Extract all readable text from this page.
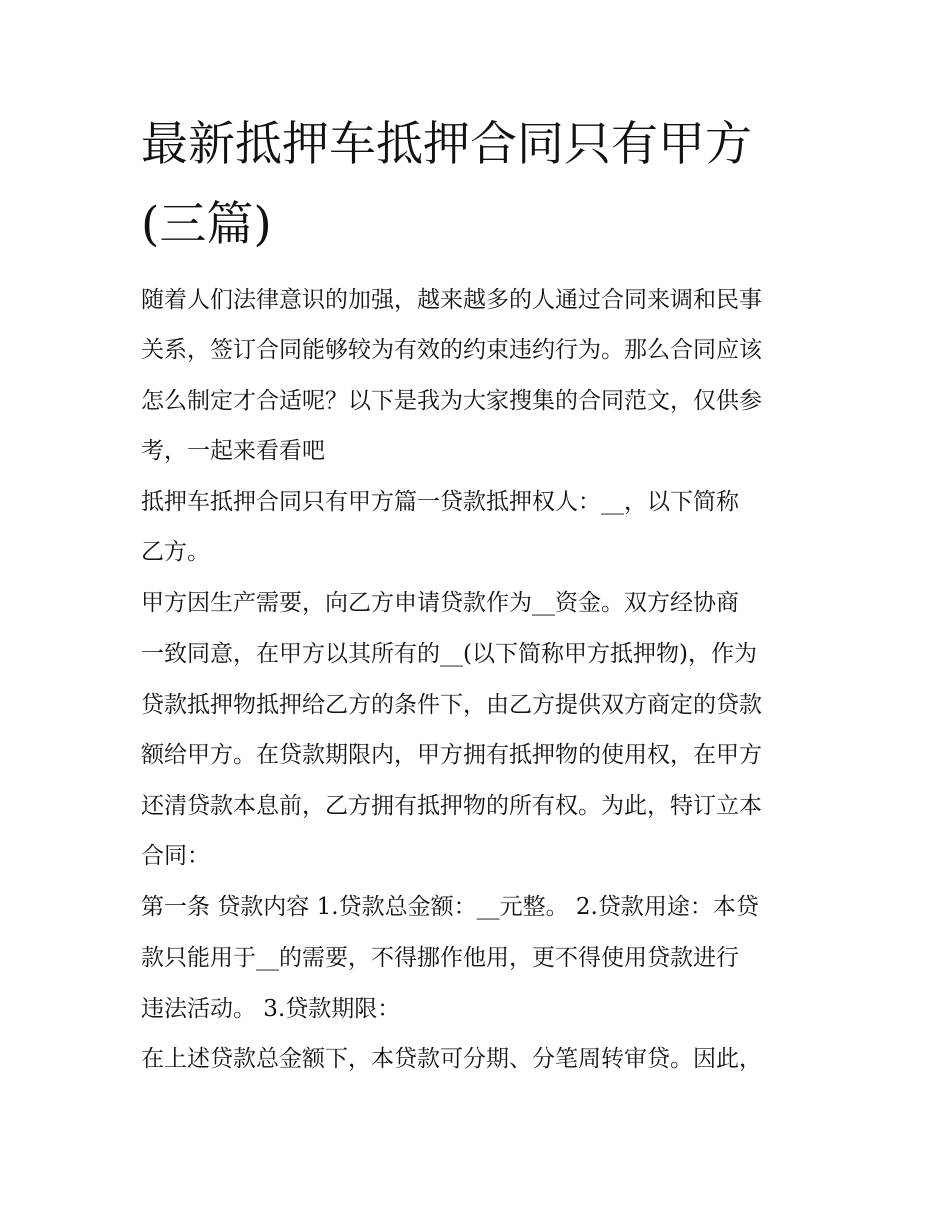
最新抵押车抵押合同只有甲方
(三篇)

随着人们法律意识的加强，越来越多的人通过合同来调和民事

关系，签订合同能够较为有效的约束违约行为。那么合同应该

怎么制定才合适呢？以下是我为大家搜集的合同范文，仅供参

考，一起来看看吧

抵押车抵押合同只有甲方篇一贷款抵押权人：__，以下简称

乙方。

甲方因生产需要，向乙方申请贷款作为__资金。双方经协商

一致同意，在甲方以其所有的__(以下简称甲方抵押物)，作为

贷款抵押物抵押给乙方的条件下，由乙方提供双方商定的贷款

额给甲方。在贷款期限内，甲方拥有抵押物的使用权，在甲方

还清贷款本息前，乙方拥有抵押物的所有权。为此，特订立本

合同：

第一条 贷款内容 1.贷款总金额：__元整。 2.贷款用途：本贷

款只能用于__的需要，不得挪作他用，更不得使用贷款进行

违法活动。 3.贷款期限：

在上述贷款总金额下，本贷款可分期、分笔周转审贷。因此，
